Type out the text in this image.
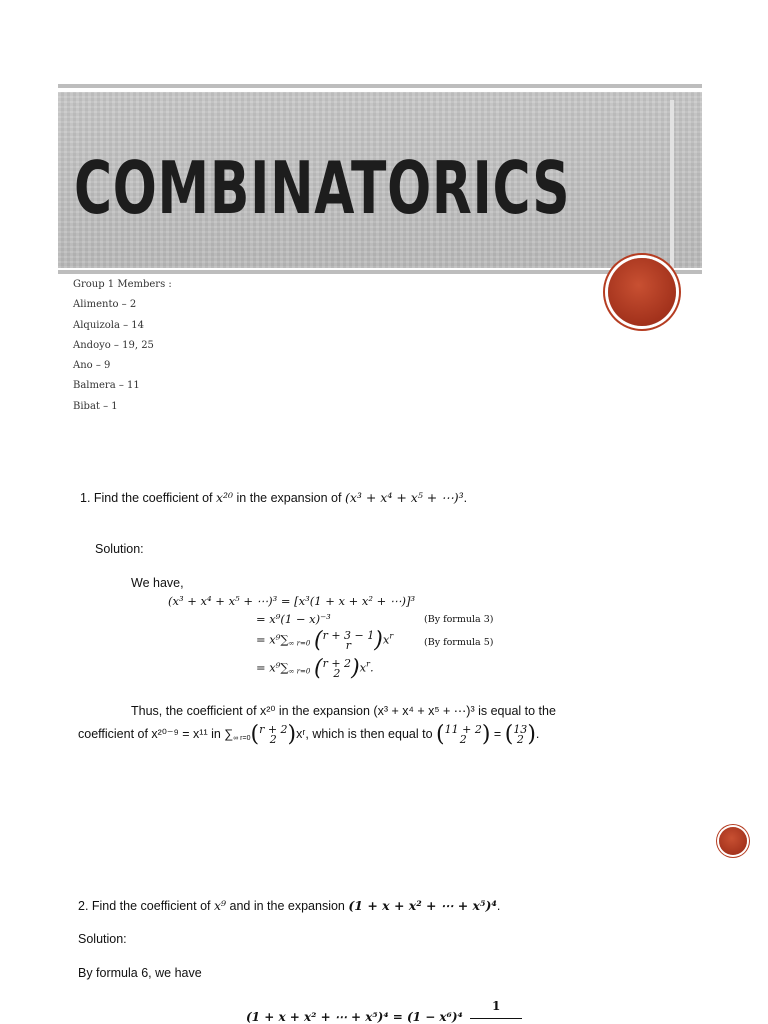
COMBINATORICS
Group 1 Members :
Alimento – 2
Alquizola – 14
Andoyo – 19, 25
Ano – 9
Balmera – 11
Bibat – 1
1. Find the coefficient of x²⁰ in the expansion of (x³ + x⁴ + x⁵ + ⋯)³.
Solution:
We have,
(x³ + x⁴ + x⁵ + ⋯)³ = [x³(1 + x + x² + ⋯)]³
= x⁹(1 − x)⁻³	(By formula 3)
= x⁹∑∞ r=0 (r + 3 − 1
r )$x^r$
(By formula 5)
= x⁹∑∞ r=0 (r + 2
2 )$x^r$.
Thus, the coefficient of x²⁰ in the expansion (x³ + x⁴ + x⁵ + ⋯)³ is equal to the
coefficient of x²⁰⁻⁹ = x¹¹ in ∑∞ r=0(r + 2
2 )xʳ, which is then equal to (11 + 2
2 ) = (13
2 ).
2. Find the coefficient of x⁹ and in the expansion (1 + x + x² + ⋯ + x⁵)⁴.
Solution:
By formula 6, we have
(1 + x + x² + ⋯ + x⁵)⁴ = (1 − x⁶)⁴
1
